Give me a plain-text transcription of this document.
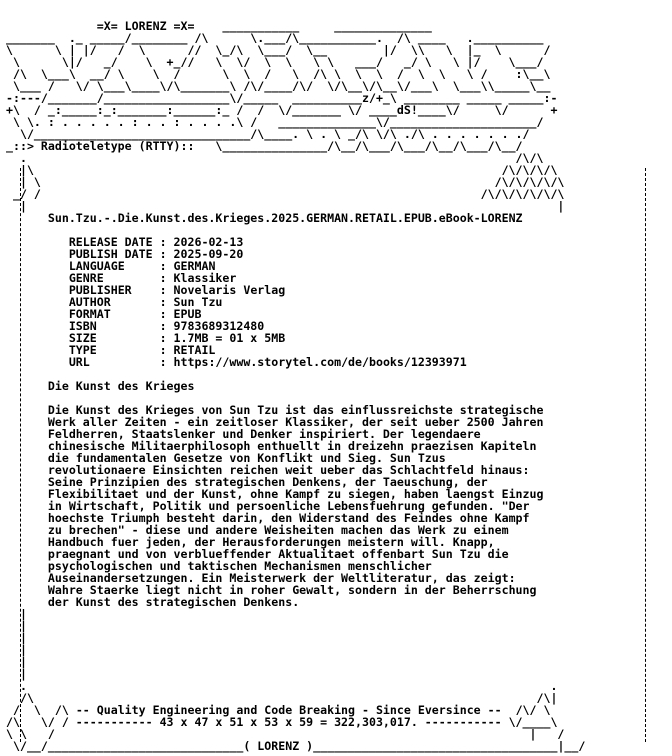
=X= LORENZ =X=    ___________     ______________
_______  ._ _____/________ /\      \.___/\___________.  /\ ____   .__________
\      \ | |/   /  \      //  \_/\  \___/  \__        |/  \\   \  |_  \      /
\      \|/   _/    \  +_//   \  \/  \  \   \ \   ___/   _/ \   \ |/    \___/
/\  \___\  __/ \    \  /      \  \  /   \  /\ \  \  \  /  \  \   \ /    :\__\
\___ /   \/ \___\____\/\_______\ /\/____/\/  \/\__\/\__\/___\  \___\\_____\__
-:---/_______/__________________\/_____  __________z/+_\ ________ _____ _____:-
+\  / _:_____:_:_______:______:_ /  /  \/_______ \/ ____dS!____\/     \/      +
\ \. : . . . . . : . . : . . . .\ /   ______________\/_____________________/
\/_______________________________/\____. \ . \ _/\ \/\ ./\ . . . . . . ./
_::> Radioteletype (RTTY)::   \_______________/\__/\___/\___/\__/\___/\__/
.                                                                      /\/\
|\                                                                   /\/\/\/\
| \                                                                 /\/\/\/\/\
_/ /                                                               /\/\/\/\/\/\
|                                                                            |
Sun.Tzu.-.Die.Kunst.des.Krieges.2025.GERMAN.RETAIL.EPUB.eBook-LORENZ

RELEASE DATE : 2026-02-13
PUBLISH DATE : 2025-09-20
LANGUAGE     : GERMAN
GENRE        : Klassiker
PUBLISHER    : Novelaris Verlag
AUTHOR       : Sun Tzu
FORMAT       : EPUB
ISBN         : 9783689312480
SIZE         : 1.7MB = 01 x 5MB
TYPE         : RETAIL
URL          : https://www.storytel.com/de/books/12393971

Die Kunst des Krieges

Die Kunst des Krieges von Sun Tzu ist das einflussreichste strategische
Werk aller Zeiten - ein zeitloser Klassiker, der seit ueber 2500 Jahren
Feldherren, Staatslenker und Denker inspiriert. Der legendaere
chinesische Militaerphilosoph enthuellt in dreizehn praezisen Kapiteln
die fundamentalen Gesetze von Konflikt und Sieg. Sun Tzus
revolutionaere Einsichten reichen weit ueber das Schlachtfeld hinaus:
Seine Prinzipien des strategischen Denkens, der Taeuschung, der
Flexibilitaet und der Kunst, ohne Kampf zu siegen, haben laengst Einzug
in Wirtschaft, Politik und persoenliche Lebensfuehrung gefunden. "Der
hoechste Triumph besteht darin, den Widerstand des Feindes ohne Kampf
zu brechen" - diese und andere Weisheiten machen das Werk zu einem
Handbuch fuer jeden, der Herausforderungen meistern will. Knapp,
praegnant und von verblueffender Aktualitaet offenbart Sun Tzu die
psychologischen und taktischen Mechanismen menschlicher
Auseinandersetzungen. Ein Meisterwerk der Weltliteratur, das zeigt:
Wahre Staerke liegt nicht in roher Gewalt, sondern in der Beherrschung
der Kunst des strategischen Denkens.
|
|
|
|
|
|
.                                                                           .
/\                                                                        /\|
/  \  /\ -- Quality Engineering and Code Breaking - Since Eversince --  /\/ \
/\   \/ / ----------- 43 x 47 x 51 x 53 x 59 = 322,303,017. ----------- \/____\
\ \   /                                                                    |   /
\/__/____________________________( LORENZ )___________________________________|__/
